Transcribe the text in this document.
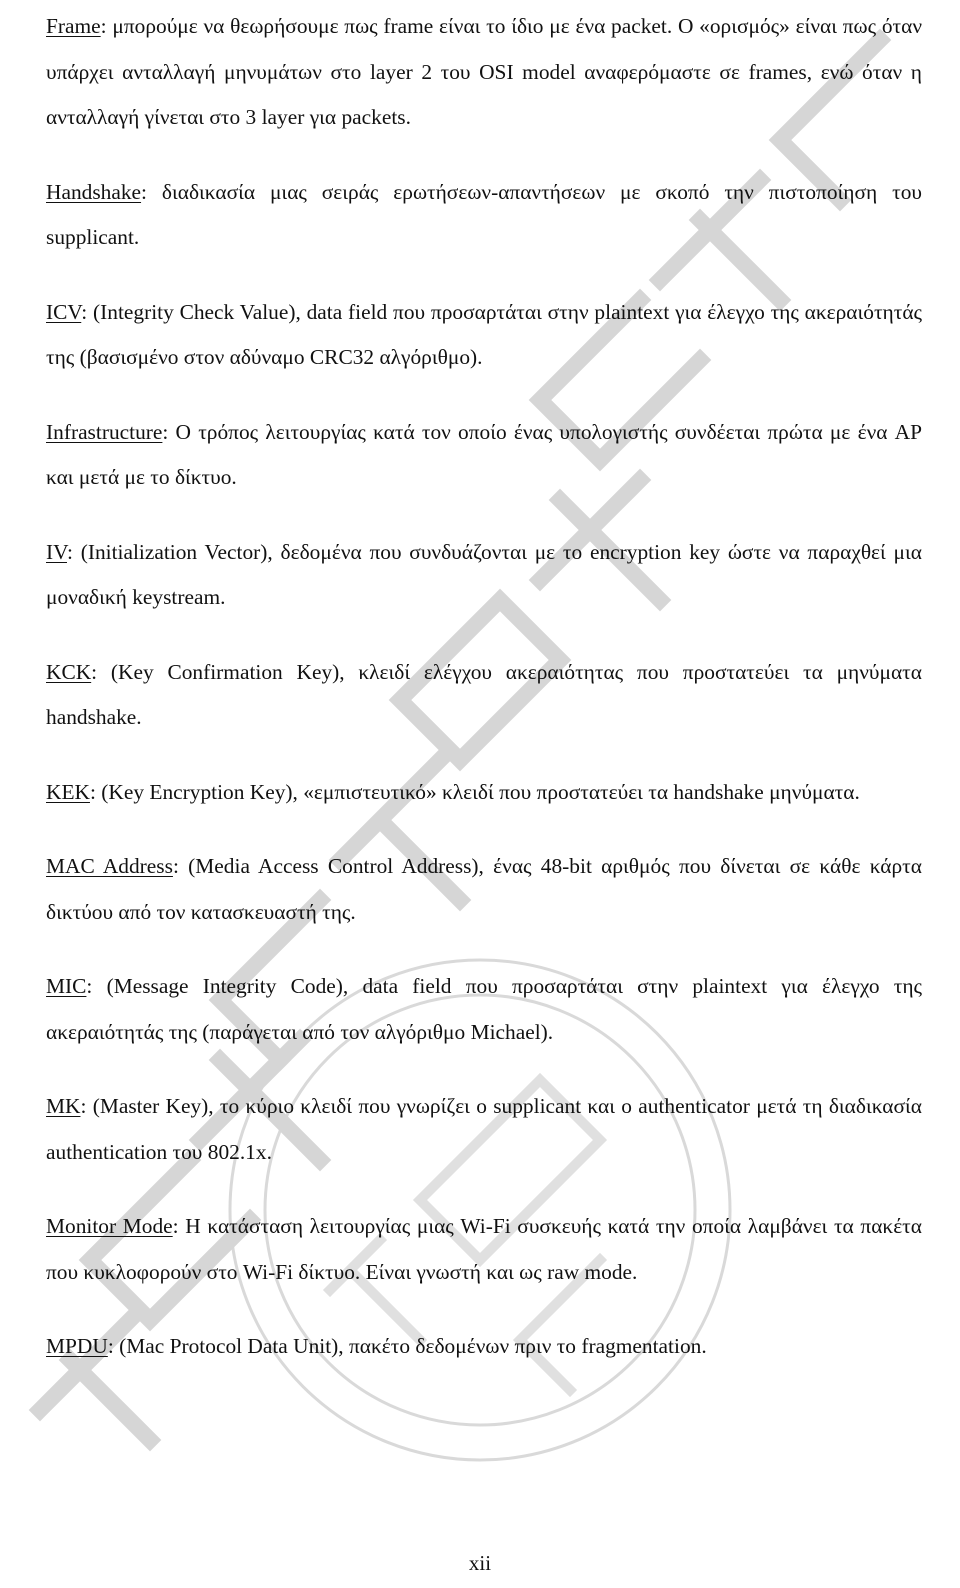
Frame: μπορούμε να θεωρήσουμε πως frame είναι το ίδιο με ένα packet. Ο «ορισμός» είναι πως όταν υπάρχει ανταλλαγή μηνυμάτων στο layer 2 του OSI model αναφερόμαστε σε frames, ενώ όταν η ανταλλαγή γίνεται στο 3 layer για packets.

Handshake: διαδικασία μιας σειράς ερωτήσεων-απαντήσεων με σκοπό την πιστοποίηση του supplicant.

ICV: (Integrity Check Value), data field που προσαρτάται στην plaintext για έλεγχο της ακεραιότητάς της (βασισμένο στον αδύναμο CRC32 αλγόριθμο).

Infrastructure: Ο τρόπος λειτουργίας κατά τον οποίο ένας υπολογιστής συνδέεται πρώτα με ένα AP και μετά με το δίκτυο.

IV: (Initialization Vector), δεδομένα που συνδυάζονται με το encryption key ώστε να παραχθεί μια μοναδική keystream.

KCK: (Key Confirmation Key), κλειδί ελέγχου ακεραιότητας που προστατεύει τα μηνύματα handshake.

KEK: (Key Encryption Key), «εμπιστευτικό» κλειδί που προστατεύει τα handshake μηνύματα.

MAC Address: (Media Access Control Address), ένας 48-bit αριθμός που δίνεται σε κάθε κάρτα δικτύου από τον κατασκευαστή της.

MIC: (Message Integrity Code), data field που προσαρτάται στην plaintext για έλεγχο της ακεραιότητάς της (παράγεται από τον αλγόριθμο Michael).

MK: (Master Key), το κύριο κλειδί που γνωρίζει ο supplicant και ο authenticator μετά τη διαδικασία authentication του 802.1x.

Monitor Mode: Η κατάσταση λειτουργίας μιας Wi-Fi συσκευής κατά την οποία λαμβάνει τα πακέτα που κυκλοφορούν στο Wi-Fi δίκτυο. Είναι γνωστή και ως raw mode.

MPDU: (Mac Protocol Data Unit), πακέτο δεδομένων πριν το fragmentation.

xii
